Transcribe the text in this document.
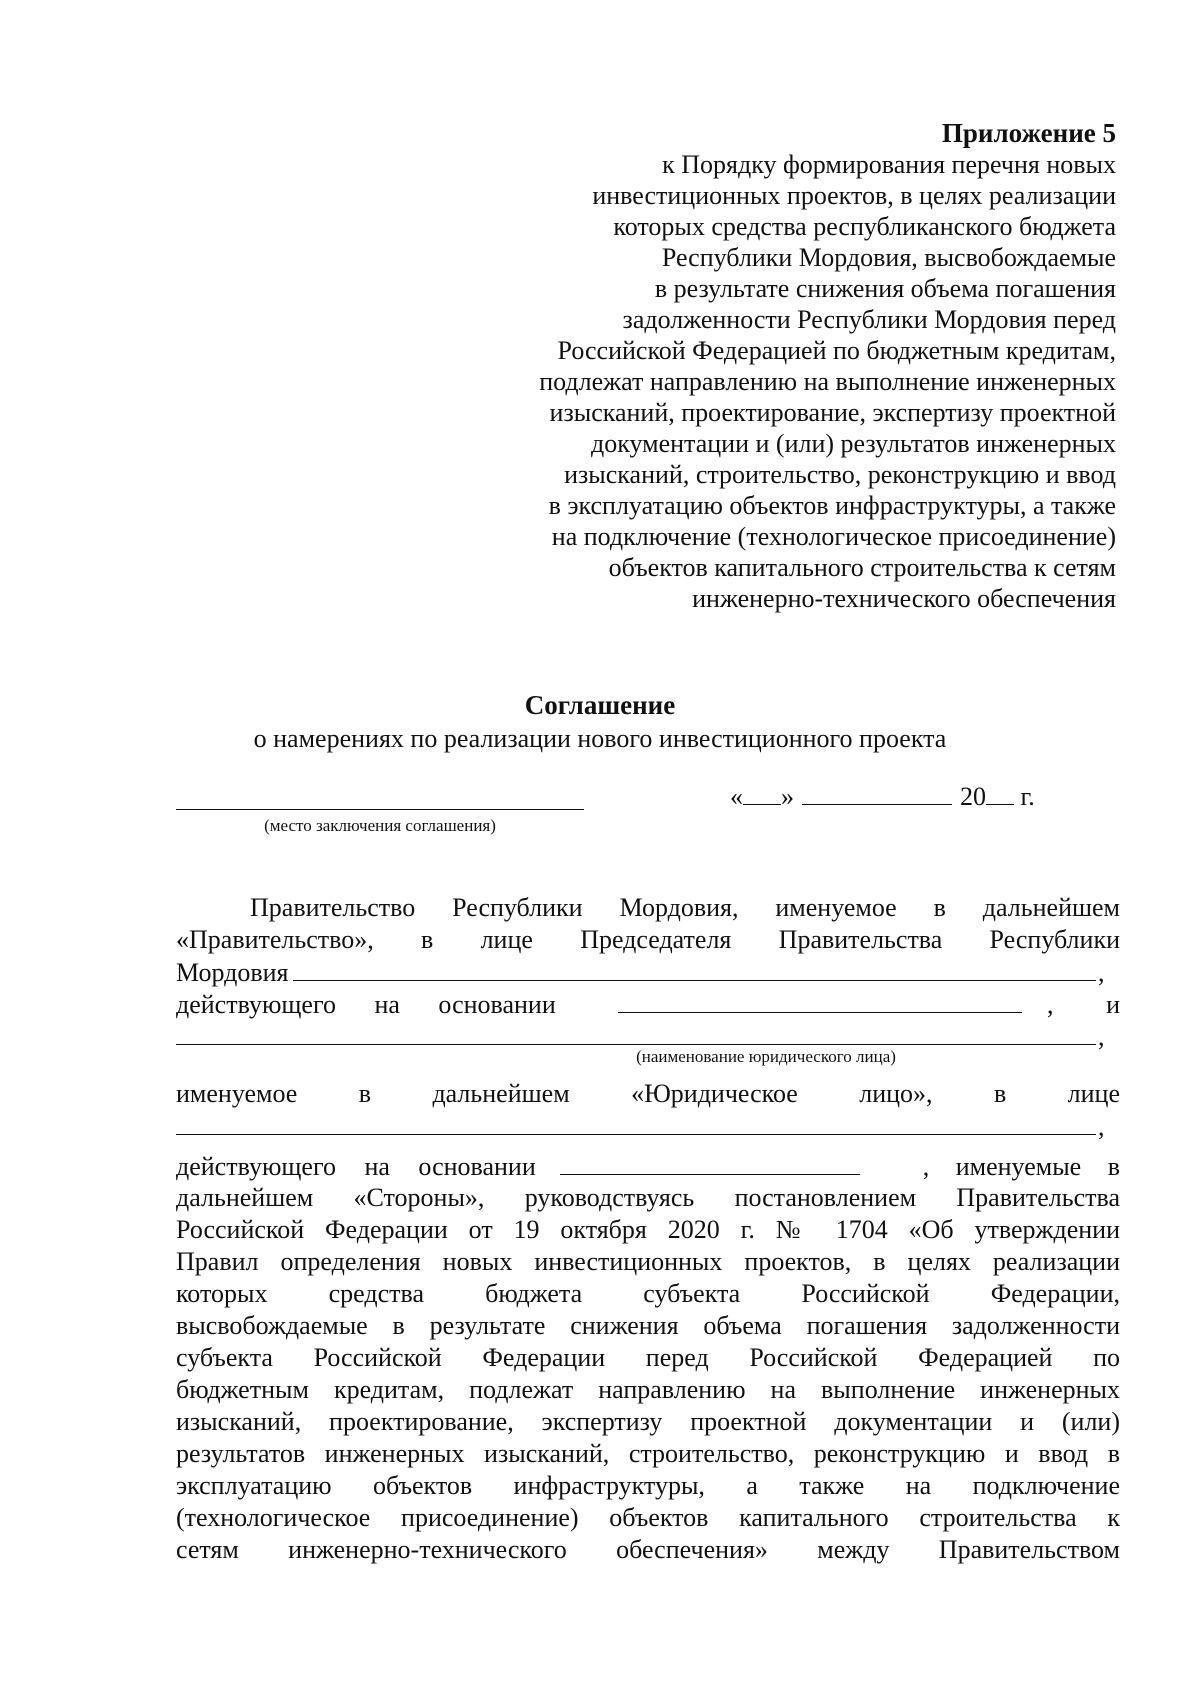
Приложение 5
к Порядку формирования перечня новых
инвестиционных проектов, в целях реализации
которых средства республиканского бюджета
Республики Мордовия, высвобождаемые
в результате снижения объема погашения
задолженности Республики Мордовия перед
Российской Федерацией по бюджетным кредитам,
подлежат направлению на выполнение инженерных
изысканий, проектирование, экспертизу проектной
документации и (или) результатов инженерных
изысканий, строительство, реконструкцию и ввод
в эксплуатацию объектов инфраструктуры, а также
на подключение (технологическое присоединение)
объектов капитального строительства к сетям
инженерно-технического обеспечения
Соглашение
о намерениях по реализации нового инвестиционного проекта
(место заключения соглашения)
« »	20 г.
Правительство Республики Мордовия, именуемое в дальнейшем
«Правительство», в лице Председателя Правительства Республики
Мордовия	,
действующего на основании	, и
,
(наименование юридического лица)
именуемое в дальнейшем «Юридическое лицо», в лице
,
действующего на основании	, именуемые в
дальнейшем «Стороны», руководствуясь постановлением Правительства
Российской Федерации от 19 октября 2020 г. № 1704 «Об утверждении
Правил определения новых инвестиционных проектов, в целях реализации
которых средства бюджета субъекта Российской Федерации,
высвобождаемые в результате снижения объема погашения задолженности
субъекта Российской Федерации перед Российской Федерацией по
бюджетным кредитам, подлежат направлению на выполнение инженерных
изысканий, проектирование, экспертизу проектной документации и (или)
результатов инженерных изысканий, строительство, реконструкцию и ввод в
эксплуатацию объектов инфраструктуры, а также на подключение
(технологическое присоединение) объектов капитального строительства к
сетям инженерно-технического обеспечения» между Правительством
